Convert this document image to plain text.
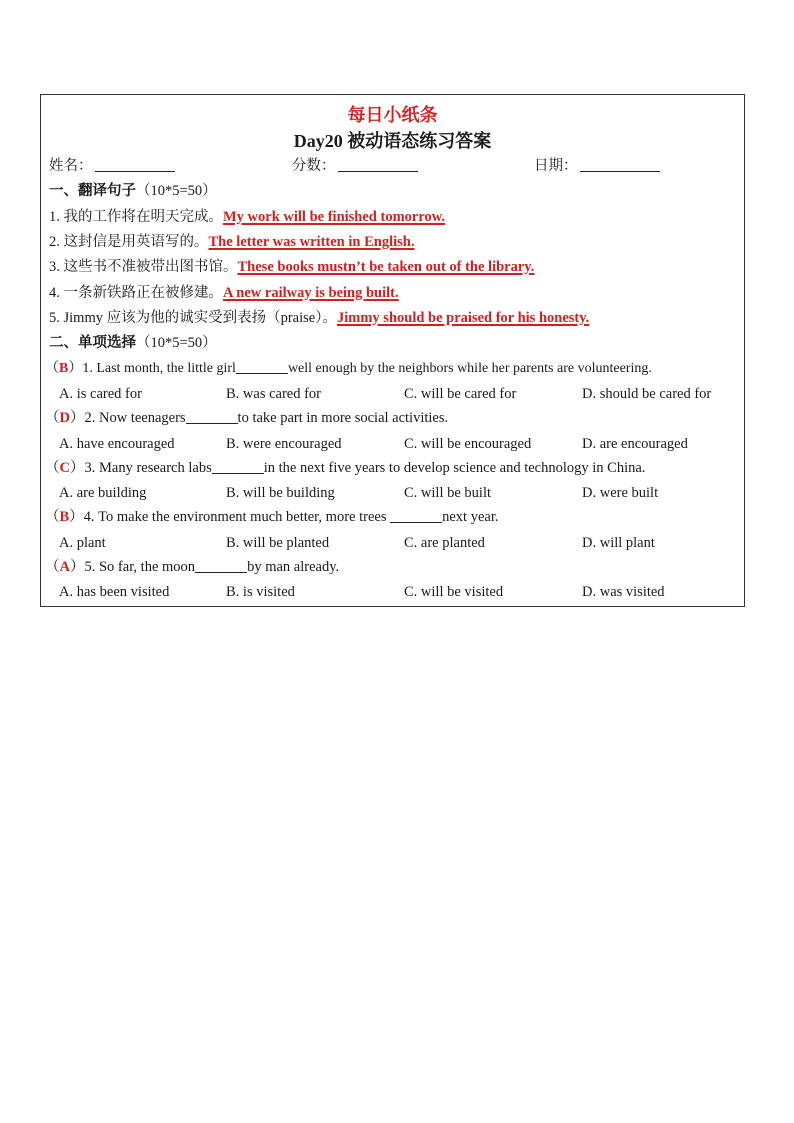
每日小纸条
Day20 被动语态练习答案
姓名：	分数：	日期：
一、翻译句子（10*5=50）
1. 我的工作将在明天完成。My work will be finished tomorrow.
2. 这封信是用英语写的。The letter was written in English.
3. 这些书不准被带出图书馆。These books mustn’t be taken out of the library.
4. 一条新铁路正在被修建。A new railway is being built.
5. Jimmy 应该为他的诚实受到表扬（praise）。Jimmy should be praised for his honesty.
二、单项选择（10*5=50）
（B）1. Last month, the little girl	well enough by the neighbors while her parents are volunteering.
A. is cared for	B. was cared for	C. will be cared for	D. should be cared for
（D）2. Now teenagers	to take part in more social activities.
A. have encouraged	B. were encouraged	C. will be encouraged	D. are encouraged
（C）3. Many research labs	in the next five years to develop science and technology in China.
A. are building	B. will be building	C. will be built	D. were built
（B）4. To make the environment much better, more trees	next year.
A. plant	B. will be planted	C. are planted	D. will plant
（A）5. So far, the moon	by man already.
A. has been visited	B. is visited	C. will be visited	D. was visited
